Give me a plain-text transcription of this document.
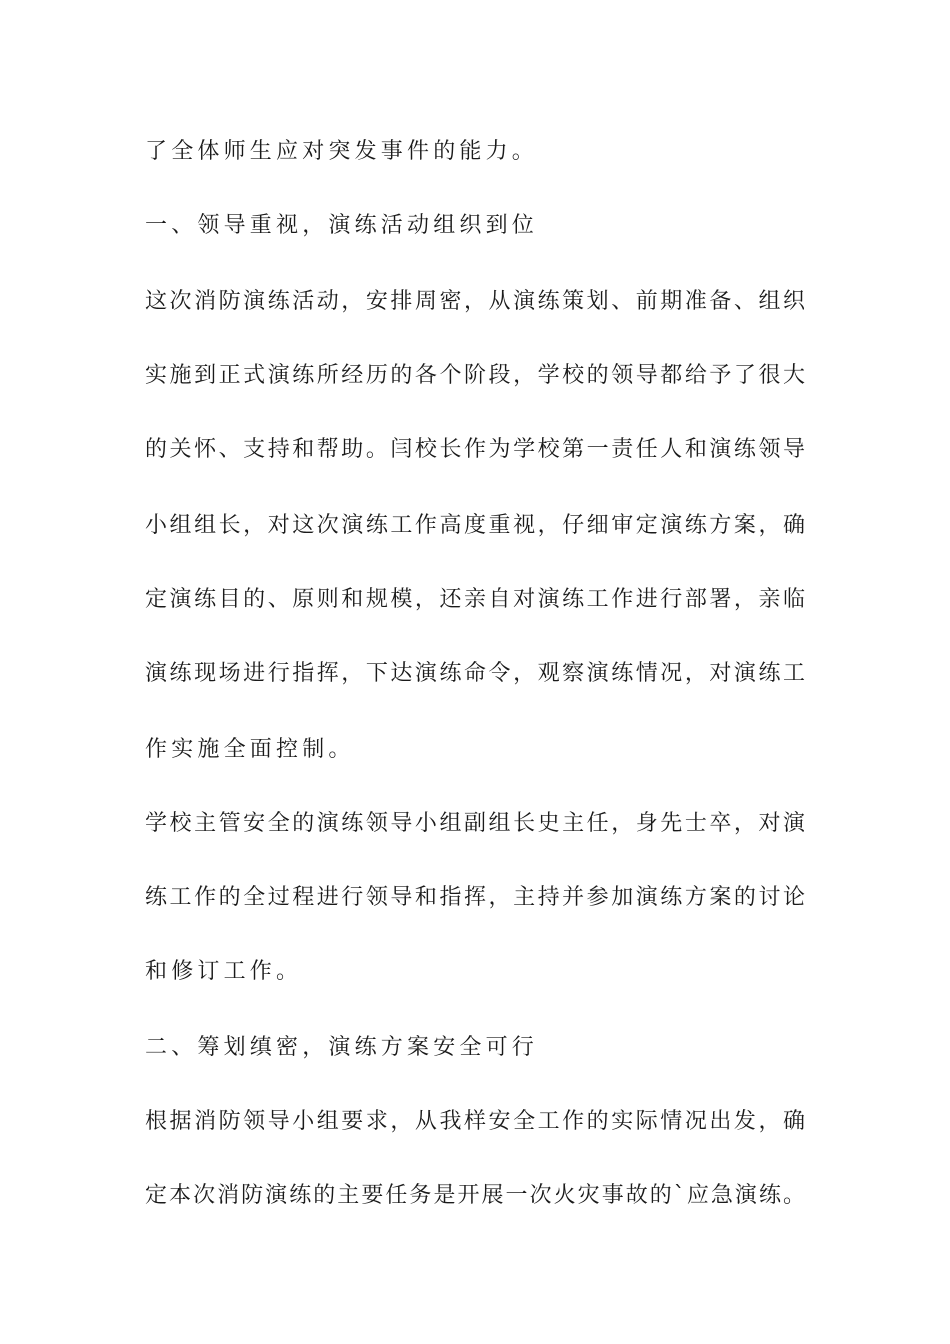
了全体师生应对突发事件的能力。
一、领导重视，演练活动组织到位
这次消防演练活动，安排周密，从演练策划、前期准备、组织
实施到正式演练所经历的各个阶段，学校的领导都给予了很大
的关怀、支持和帮助。闫校长作为学校第一责任人和演练领导
小组组长，对这次演练工作高度重视，仔细审定演练方案，确
定演练目的、原则和规模，还亲自对演练工作进行部署，亲临
演练现场进行指挥，下达演练命令，观察演练情况，对演练工
作实施全面控制。
学校主管安全的演练领导小组副组长史主任，身先士卒，对演
练工作的全过程进行领导和指挥，主持并参加演练方案的讨论
和修订工作。
二、筹划缜密，演练方案安全可行
根据消防领导小组要求，从我样安全工作的实际情况出发，确
定本次消防演练的主要任务是开展一次火灾事故的`应急演练。
